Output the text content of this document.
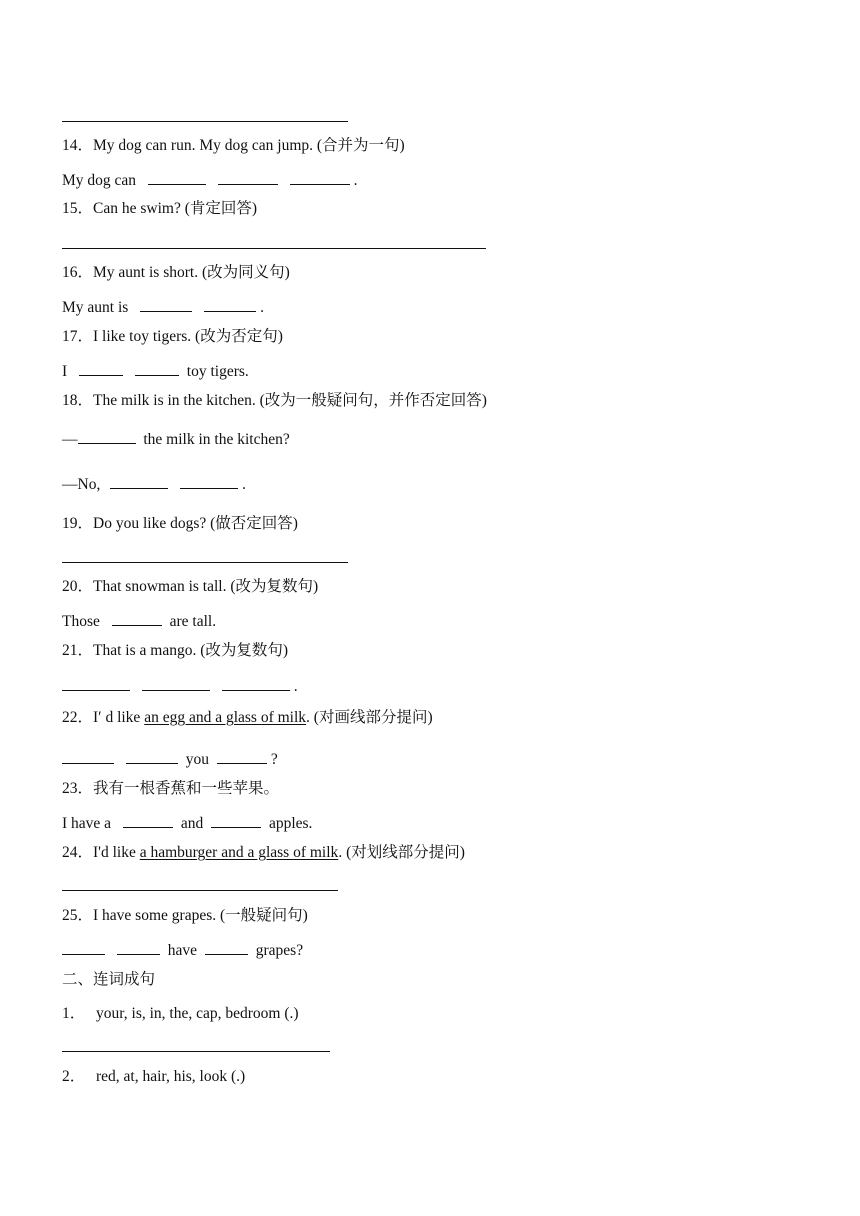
14．My dog can run. My dog can jump. (合并为一句)
My dog can	.
15．Can he swim? (肯定回答)
16．My aunt is short. (改为同义句)
My aunt is	.
17．I like toy tigers. (改为否定句)
I	toy tigers.
18．The milk is in the kitchen. (改为一般疑问句，并作否定回答)
—	the milk in the kitchen?
—No,	.
19．Do you like dogs? (做否定回答)
20．That snowman is tall. (改为复数句)
Those	are tall.
21．That is a mango. (改为复数句)
.
22．I′ d like an egg and a glass of milk. (对画线部分提问)
you	?
23．我有一根香蕉和一些苹果。
I have a	and	apples.
24．I'd like a hamburger and a glass of milk. (对划线部分提问)
25．I have some grapes. (一般疑问句)
have	grapes?
二、连词成句
1． your, is, in, the, cap, bedroom (.)
2． red, at, hair, his, look (.)
